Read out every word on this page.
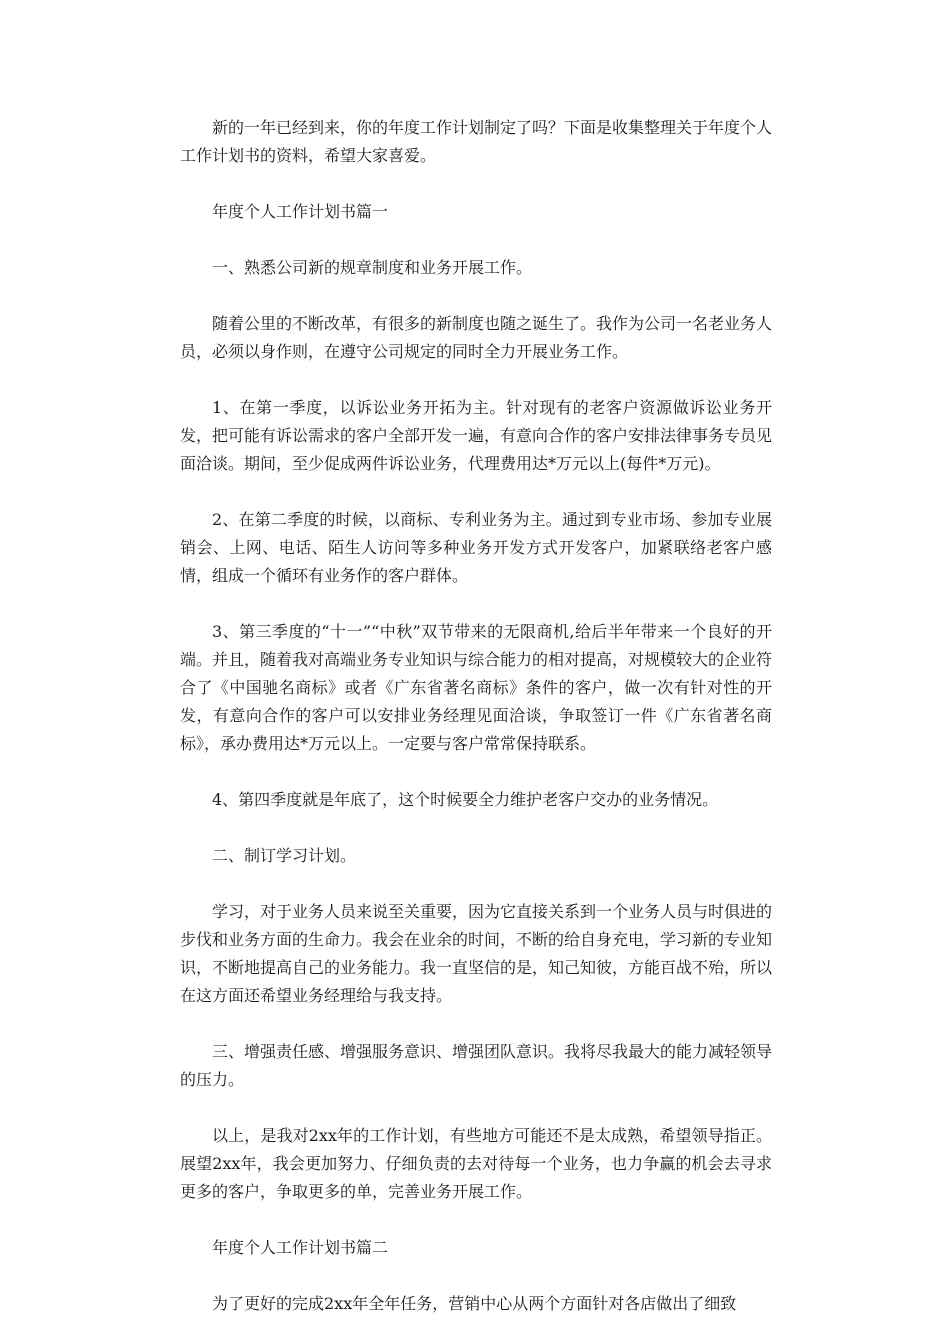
新的一年已经到来，你的年度工作计划制定了吗？下面是收集整理关于年度个人工作计划书的资料，希望大家喜爱。

年度个人工作计划书篇一

一、熟悉公司新的规章制度和业务开展工作。

随着公里的不断改革，有很多的新制度也随之诞生了。我作为公司一名老业务人员，必须以身作则，在遵守公司规定的同时全力开展业务工作。

1、在第一季度，以诉讼业务开拓为主。针对现有的老客户资源做诉讼业务开发，把可能有诉讼需求的客户全部开发一遍，有意向合作的客户安排法律事务专员见面洽谈。期间，至少促成两件诉讼业务，代理费用达*万元以上(每件*万元)。

2、在第二季度的时候，以商标、专利业务为主。通过到专业市场、参加专业展销会、上网、电话、陌生人访问等多种业务开发方式开发客户，加紧联络老客户感情，组成一个循环有业务作的客户群体。

3、第三季度的“十一”“中秋”双节带来的无限商机,给后半年带来一个良好的开端。并且，随着我对高端业务专业知识与综合能力的相对提高，对规模较大的企业符合了《中国驰名商标》或者《广东省著名商标》条件的客户，做一次有针对性的开发，有意向合作的客户可以安排业务经理见面洽谈，争取签订一件《广东省著名商标》，承办费用达*万元以上。一定要与客户常常保持联系。

4、第四季度就是年底了，这个时候要全力维护老客户交办的业务情况。

二、制订学习计划。

学习，对于业务人员来说至关重要，因为它直接关系到一个业务人员与时俱进的步伐和业务方面的生命力。我会在业余的时间，不断的给自身充电，学习新的专业知识，不断地提高自己的业务能力。我一直坚信的是，知己知彼，方能百战不殆，所以在这方面还希望业务经理给与我支持。

三、增强责任感、增强服务意识、增强团队意识。我将尽我最大的能力减轻领导的压力。

以上，是我对2xx年的工作计划，有些地方可能还不是太成熟，希望领导指正。展望2xx年，我会更加努力、仔细负责的去对待每一个业务，也力争赢的机会去寻求更多的客户，争取更多的单，完善业务开展工作。

年度个人工作计划书篇二

为了更好的完成2xx年全年任务，营销中心从两个方面针对各店做出了细致
